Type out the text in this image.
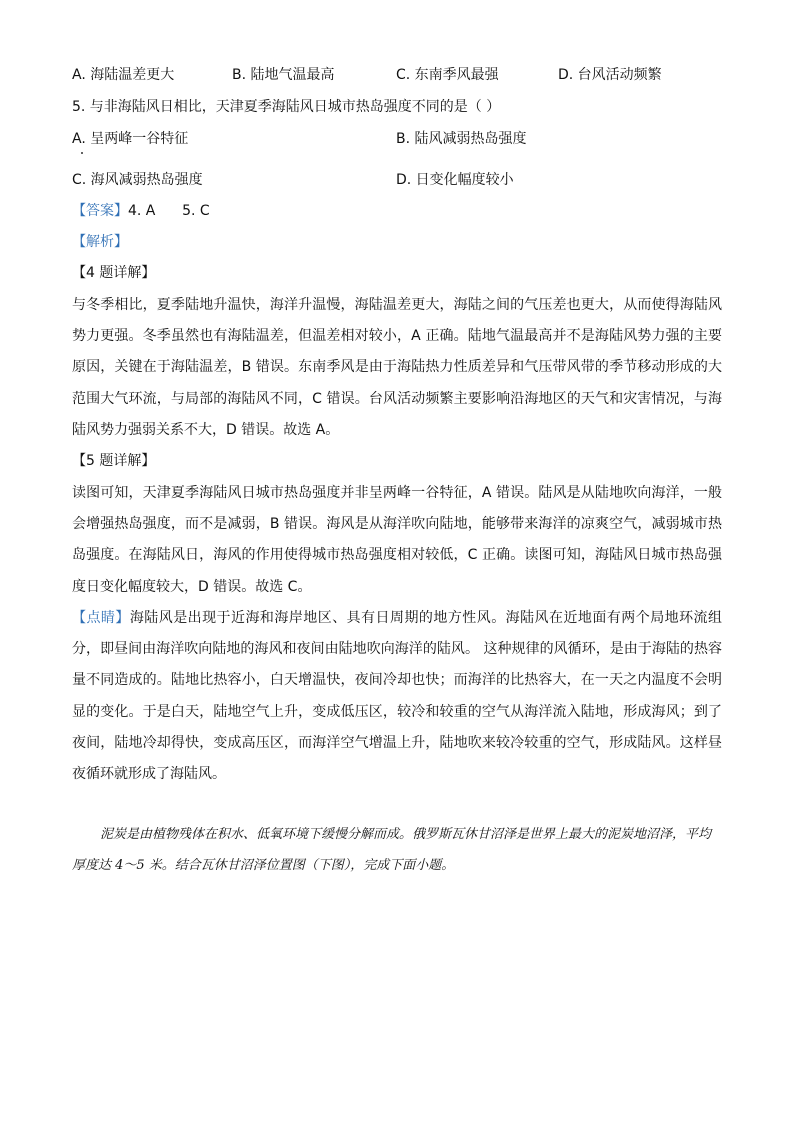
A. 海陆温差更大	B. 陆地气温最高	C. 东南季风最强	D. 台风活动频繁
5. 与非海陆风日相比，天津夏季海陆风日城市热岛强度不同的是（ ）
A. 呈两峰一谷特征	B. 陆风减弱热岛强度
C. 海风减弱热岛强度	D. 日变化幅度较小
【答案】4. A      5. C
【解析】
【4 题详解】
与冬季相比，夏季陆地升温快，海洋升温慢，海陆温差更大，海陆之间的气压差也更大，从而使得海陆风势力更强。冬季虽然也有海陆温差，但温差相对较小，A 正确。陆地气温最高并不是海陆风势力强的主要原因，关键在于海陆温差，B 错误。东南季风是由于海陆热力性质差异和气压带风带的季节移动形成的大范围大气环流，与局部的海陆风不同，C 错误。台风活动频繁主要影响沿海地区的天气和灾害情况，与海陆风势力强弱关系不大，D 错误。故选 A。
【5 题详解】
读图可知，天津夏季海陆风日城市热岛强度并非呈两峰一谷特征，A 错误。陆风是从陆地吹向海洋，一般会增强热岛强度，而不是减弱，B 错误。海风是从海洋吹向陆地，能够带来海洋的凉爽空气，减弱城市热岛强度。在海陆风日，海风的作用使得城市热岛强度相对较低，C 正确。读图可知，海陆风日城市热岛强度日变化幅度较大，D 错误。故选 C。
【点睛】海陆风是出现于近海和海岸地区、具有日周期的地方性风。海陆风在近地面有两个局地环流组分，即昼间由海洋吹向陆地的海风和夜间由陆地吹向海洋的陆风。 这种规律的风循环，是由于海陆的热容量不同造成的。陆地比热容小，白天增温快，夜间冷却也快；而海洋的比热容大，在一天之内温度不会明显的变化。于是白天，陆地空气上升，变成低压区，较冷和较重的空气从海洋流入陆地，形成海风；到了夜间，陆地冷却得快，变成高压区，而海洋空气增温上升，陆地吹来较冷较重的空气，形成陆风。这样昼夜循环就形成了海陆风。
泥炭是由植物残体在积水、低氧环境下缓慢分解而成。俄罗斯瓦休甘沼泽是世界上最大的泥炭地沼泽，平均厚度达 4～5 米。结合瓦休甘沼泽位置图（下图），完成下面小题。
